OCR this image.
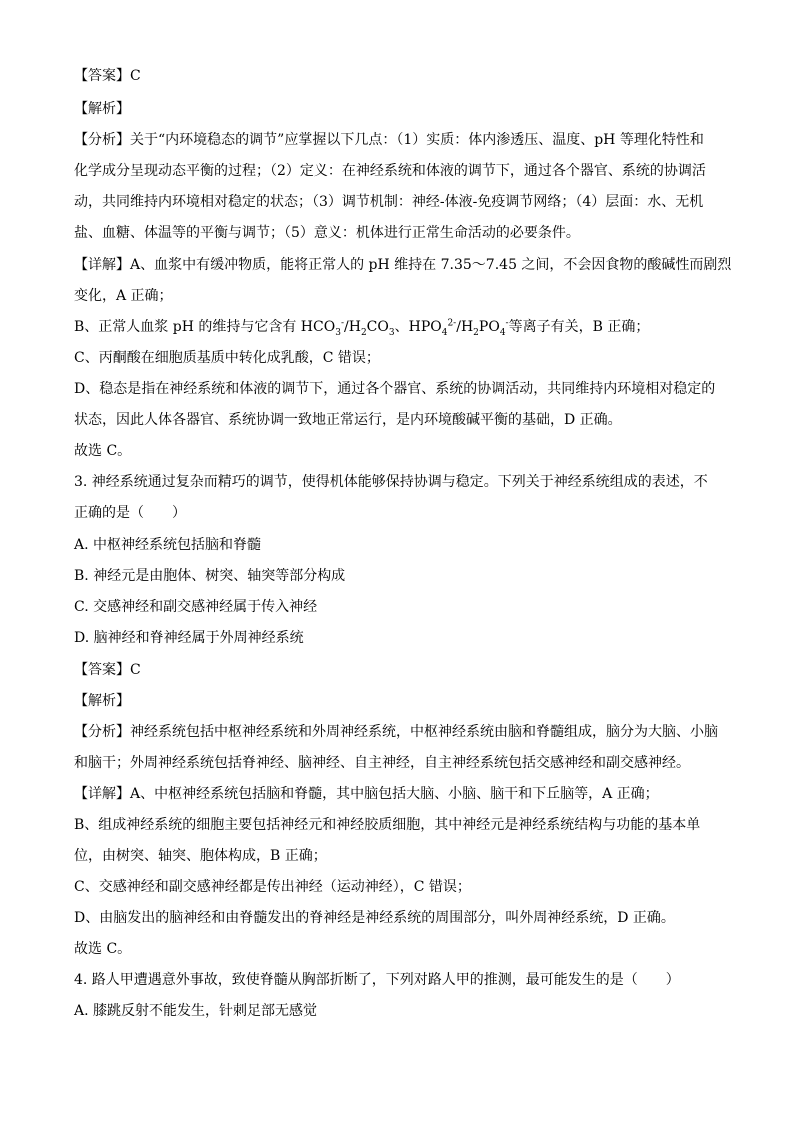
【答案】C
【解析】
【分析】关于“内环境稳态的调节”应掌握以下几点：（1）实质：体内渗透压、温度、pH 等理化特性和
化学成分呈现动态平衡的过程；（2）定义：在神经系统和体液的调节下，通过各个器官、系统的协调活
动，共同维持内环境相对稳定的状态；（3）调节机制：神经-体液-免疫调节网络；（4）层面：水、无机
盐、血糖、体温等的平衡与调节；（5）意义：机体进行正常生命活动的必要条件。
【详解】A、血浆中有缓冲物质，能将正常人的 pH 维持在 7.35～7.45 之间，不会因食物的酸碱性而剧烈
变化，A 正确；
B、正常人血浆 pH 的维持与它含有 $HCO_3^-/H_2CO_3$、$HPO_4^{2-}/H_2PO_4^-$等离子有关，B 正确；
C、丙酮酸在细胞质基质中转化成乳酸，C 错误；
D、稳态是指在神经系统和体液的调节下，通过各个器官、系统的协调活动，共同维持内环境相对稳定的
状态，因此人体各器官、系统协调一致地正常运行，是内环境酸碱平衡的基础，D 正确。
故选 C。
3. 神经系统通过复杂而精巧的调节，使得机体能够保持协调与稳定。下列关于神经系统组成的表述，不
正确的是（　　）
A. 中枢神经系统包括脑和脊髓
B. 神经元是由胞体、树突、轴突等部分构成
C. 交感神经和副交感神经属于传入神经
D. 脑神经和脊神经属于外周神经系统
【答案】C
【解析】
【分析】神经系统包括中枢神经系统和外周神经系统，中枢神经系统由脑和脊髓组成，脑分为大脑、小脑
和脑干；外周神经系统包括脊神经、脑神经、自主神经，自主神经系统包括交感神经和副交感神经。
【详解】A、中枢神经系统包括脑和脊髓，其中脑包括大脑、小脑、脑干和下丘脑等，A 正确；
B、组成神经系统的细胞主要包括神经元和神经胶质细胞，其中神经元是神经系统结构与功能的基本单
位，由树突、轴突、胞体构成，B 正确；
C、交感神经和副交感神经都是传出神经（运动神经），C 错误；
D、由脑发出的脑神经和由脊髓发出的脊神经是神经系统的周围部分，叫外周神经系统，D 正确。
故选 C。
4. 路人甲遭遇意外事故，致使脊髓从胸部折断了，下列对路人甲的推测，最可能发生的是（　　）
A. 膝跳反射不能发生，针刺足部无感觉
